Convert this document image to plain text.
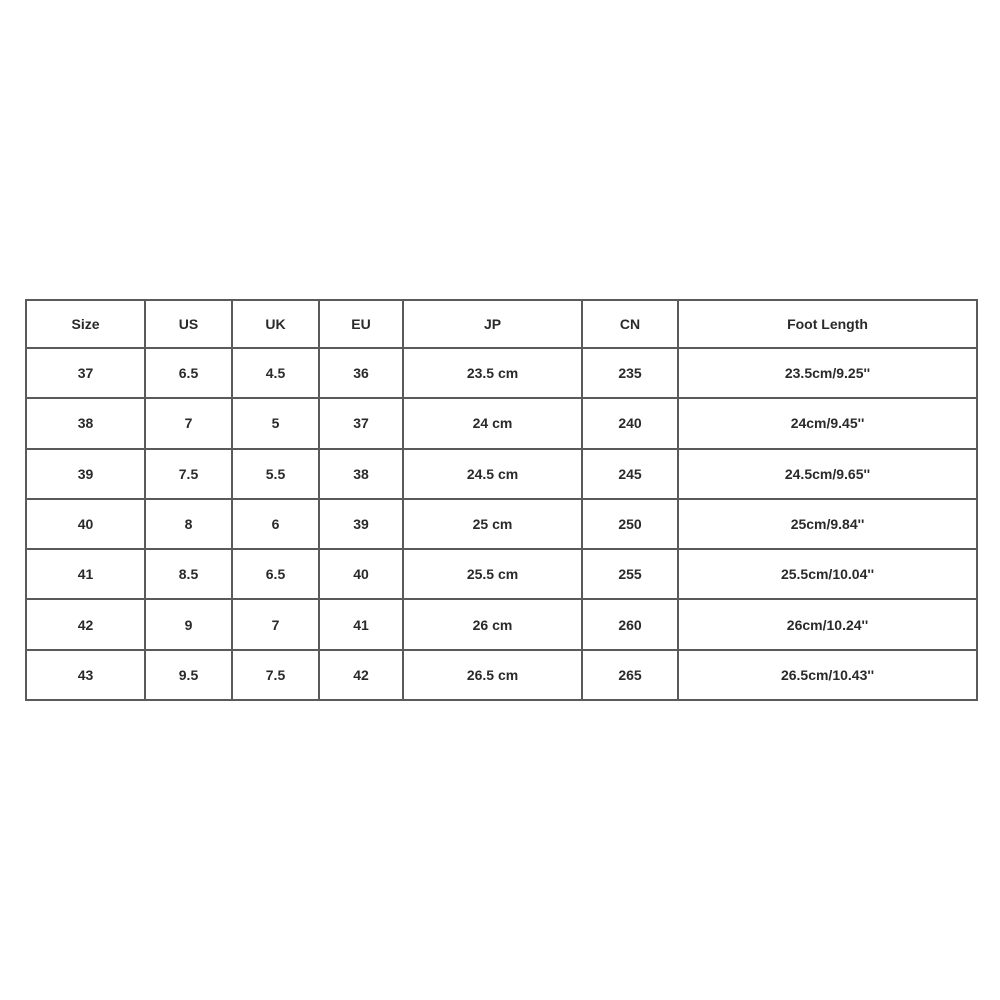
Size	US	UK	EU	JP	CN	Foot Length
37	6.5	4.5	36	23.5 cm	235	23.5cm/9.25''
38	7	5	37	24 cm	240	24cm/9.45''
39	7.5	5.5	38	24.5 cm	245	24.5cm/9.65''
40	8	6	39	25 cm	250	25cm/9.84''
41	8.5	6.5	40	25.5 cm	255	25.5cm/10.04''
42	9	7	41	26 cm	260	26cm/10.24''
43	9.5	7.5	42	26.5 cm	265	26.5cm/10.43''
